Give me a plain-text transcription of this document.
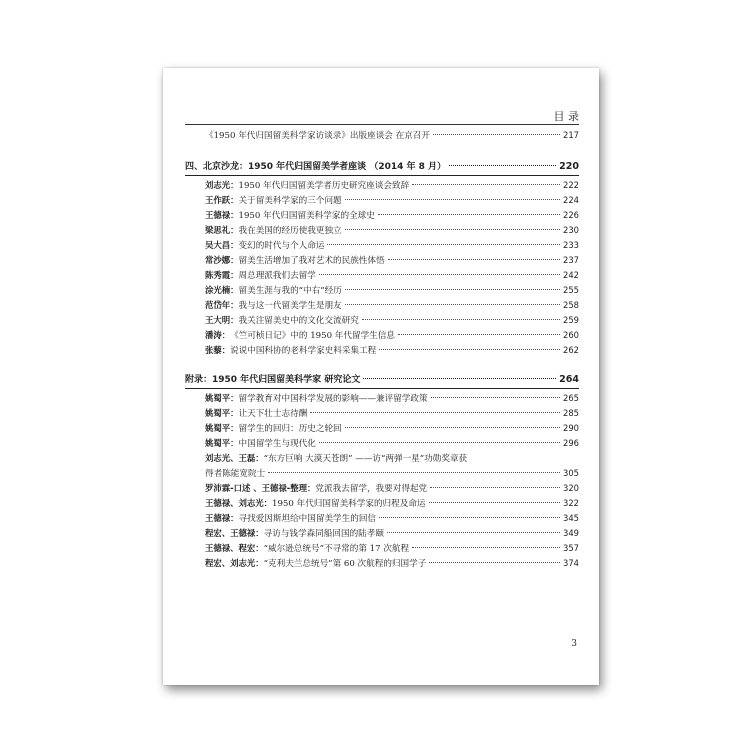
目 录
《1950 年代归国留美科学家访谈录》出版座谈会 在京召开	217
四、北京沙龙：1950 年代归国留美学者座谈 （2014 年 8 月）	220
刘志光： 1950 年代归国留美学者历史研究座谈会致辞	222
王作跃： 关于留美科学家的三个问题	224
王德禄： 1950 年代归国留美科学家的全球史	226
梁思礼： 我在美国的经历使我更独立	230
吴大昌： 变幻的时代与个人命运	233
常沙娜： 留美生活增加了我对艺术的民族性体悟	237
陈秀霞： 周总理派我们去留学	242
涂光楠： 留美生涯与我的“中右”经历	255
范岱年： 我与这一代留美学生是朋友	258
王大明： 我关注留美史中的文化交流研究	259
潘涛： 《竺可桢日记》中的 1950 年代留学生信息	260
张藜： 说说中国科协的老科学家史料采集工程	262
附录：1950 年代归国留美科学家 研究论文	264
姚蜀平： 留学教育对中国科学发展的影响——兼评留学政策	265
姚蜀平： 让天下壮士志待酬	285
姚蜀平： 留学生的回归：历史之轮回	290
姚蜀平： 中国留学生与现代化	296
刘志光、王磊： “东方巨响 大漠天苍朗” ——访“两弹一星”功勋奖章获
得者陈能宽院士	305
罗沛霖-口述 、王德禄-整理： 党派我去留学，我要对得起党	320
王德禄、刘志光： 1950 年代归国留美科学家的归程及命运	322
王德禄： 寻找爱因斯坦给中国留美学生的回信	345
程宏、王德禄： 寻访与钱学森同船回国的陆孝颐	349
王德禄、程宏： “威尔逊总统号”不寻常的第 17 次航程	357
程宏、刘志光： “克利夫兰总统号”第 60 次航程的归国学子	374
3
